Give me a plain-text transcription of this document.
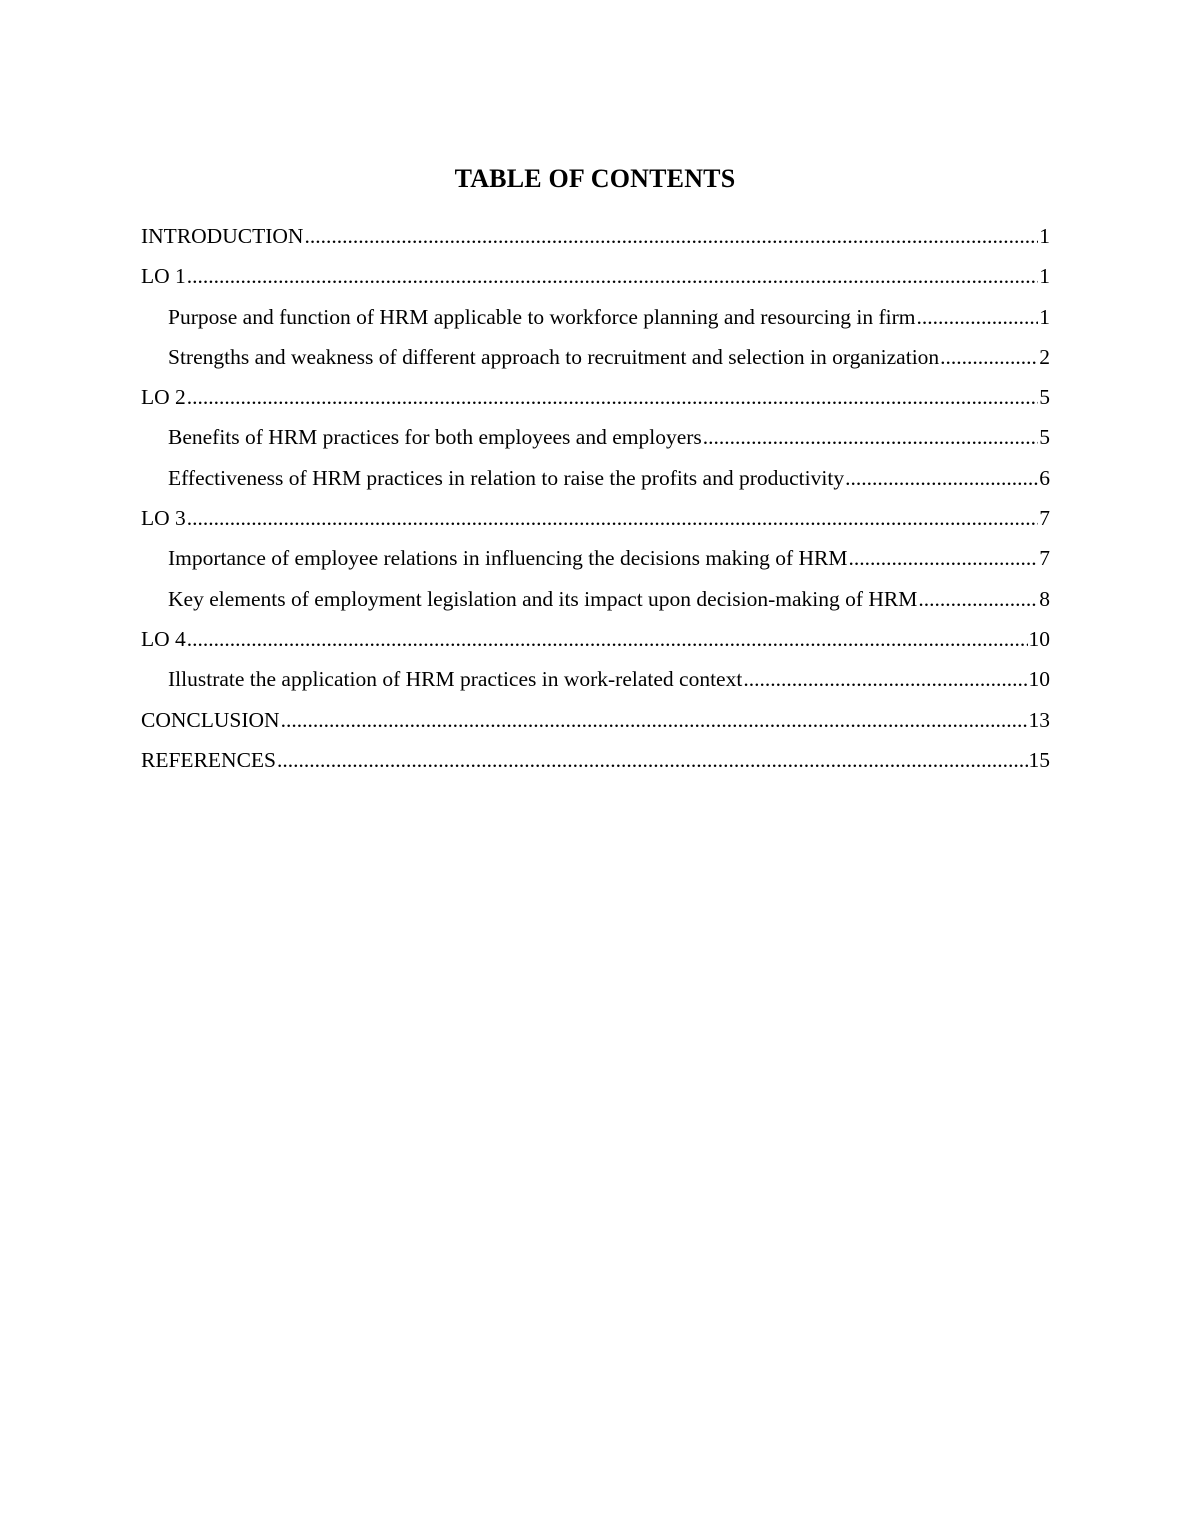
TABLE OF CONTENTS
INTRODUCTION .....	1
LO 1 .....	1
Purpose and function of HRM applicable to workforce planning and resourcing in firm .....	1
Strengths and weakness of different approach to recruitment and selection in organization .....	2
LO 2 .....	5
Benefits of HRM practices for both employees and employers .....	5
Effectiveness of HRM practices in relation to raise the profits and productivity .....	6
LO 3 .....	7
Importance of employee relations in influencing the decisions making of HRM .....	7
Key elements of employment legislation and its impact upon decision-making of HRM .....	8
LO 4 .....	10
Illustrate the application of HRM practices in work-related context .....	10
CONCLUSION .....	13
REFERENCES .....	15
